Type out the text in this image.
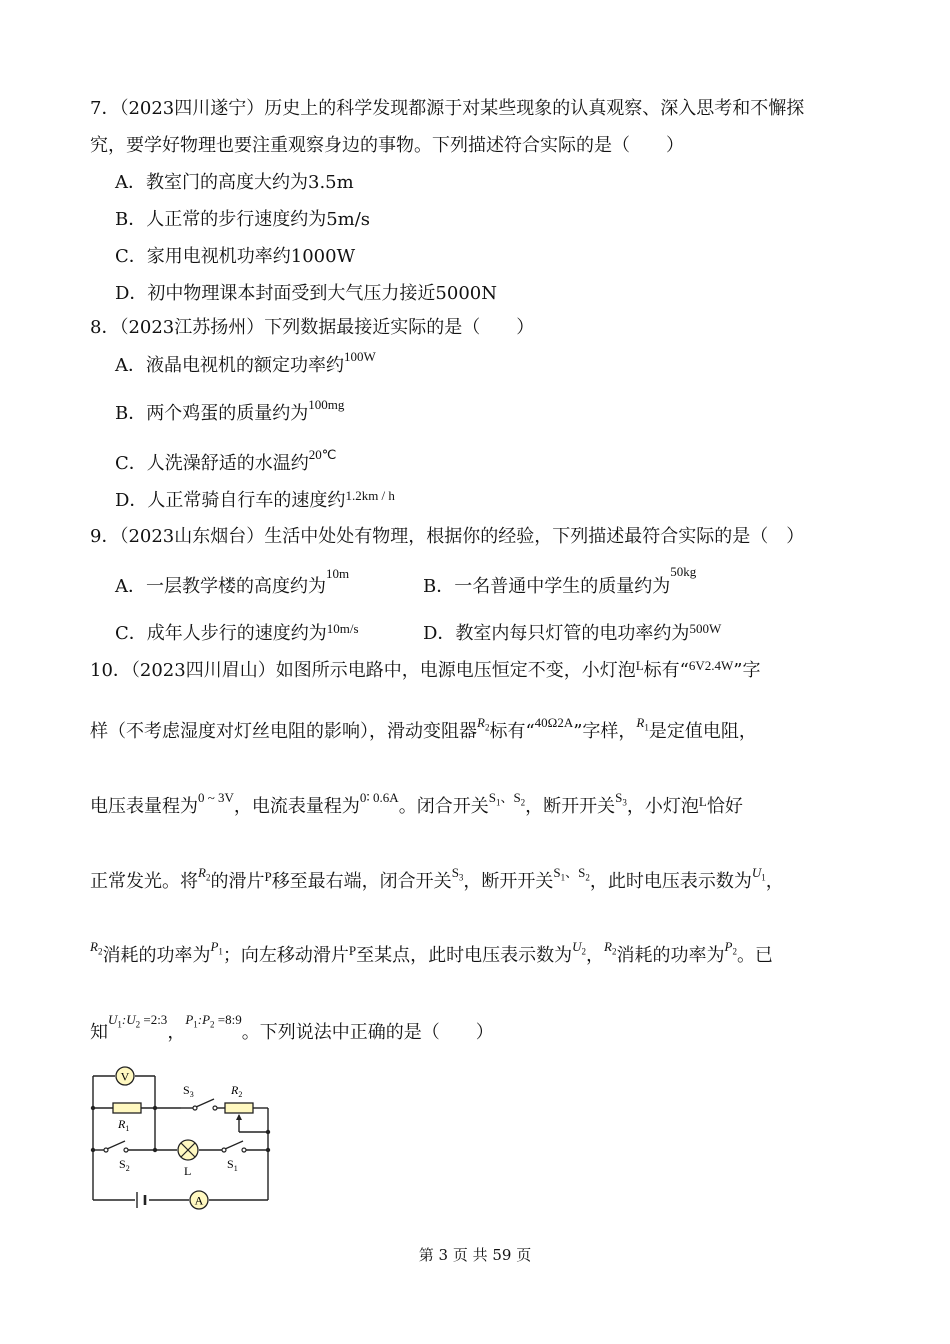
7．（2023四川遂宁）历史上的科学发现都源于对某些现象的认真观察、深入思考和不懈探
究，要学好物理也要注重观察身边的事物。下列描述符合实际的是（　　）
A．教室门的高度大约为3.5m
B．人正常的步行速度约为5m/s
C．家用电视机功率约1000W
D．初中物理课本封面受到大气压力接近5000N
8．（2023江苏扬州）下列数据最接近实际的是（　　）
A．液晶电视机的额定功率约$^{100W}$
B．两个鸡蛋的质量约为$^{100mg}$
C．人洗澡舒适的水温约$^{20℃}$
D．人正常骑自行车的速度约$^{1.2km / h}$
9．（2023山东烟台）生活中处处有物理，根据你的经验，下列描述最符合实际的是（　）
A．一层教学楼的高度约为$^{10m}$
B．一名普通中学生的质量约为$^{50kg}$
C．成年人步行的速度约为$^{10m/s}$	D．教室内每只灯管的电功率约为$^{500W}$
10．（2023四川眉山）如图所示电路中，电源电压恒定不变，小灯泡$^L$标有“$^{6V2.4W}$”字
样（不考虑湿度对灯丝电阻的影响），滑动变阻器$^{R_2}$标有“$^{40\Omega 2A}$”字样，$^{R_1}$是定值电阻，
电压表量程为$^{0 \sim 3V}$，电流表量程为$^{0∶ 0.6A}$。闭合开关$^{S_1、S_2}$，断开开关$^{S_3}$，小灯泡$^L$恰好
正常发光。将$^{R_2}$的滑片$^P$移至最右端，闭合开关$^{S_3}$，断开开关$^{S_1、S_2}$，此时电压表示数为$^{U_1}$，
$^{R_2}$消耗的功率为$^{P_1}$；向左移动滑片$^P$至某点，此时电压表示数为$^{U_2}$，$^{R_2}$消耗的功率为$^{P_2}$。已
知$^{U_1:U_2 =2:3}$，$^{P_1:P_2 =8:9}$。下列说法中正确的是（　　）
V
$R_1$
$S_3$	$R_2$
$S_2$	L	$S_1$
A
第 3 页 共 59 页
